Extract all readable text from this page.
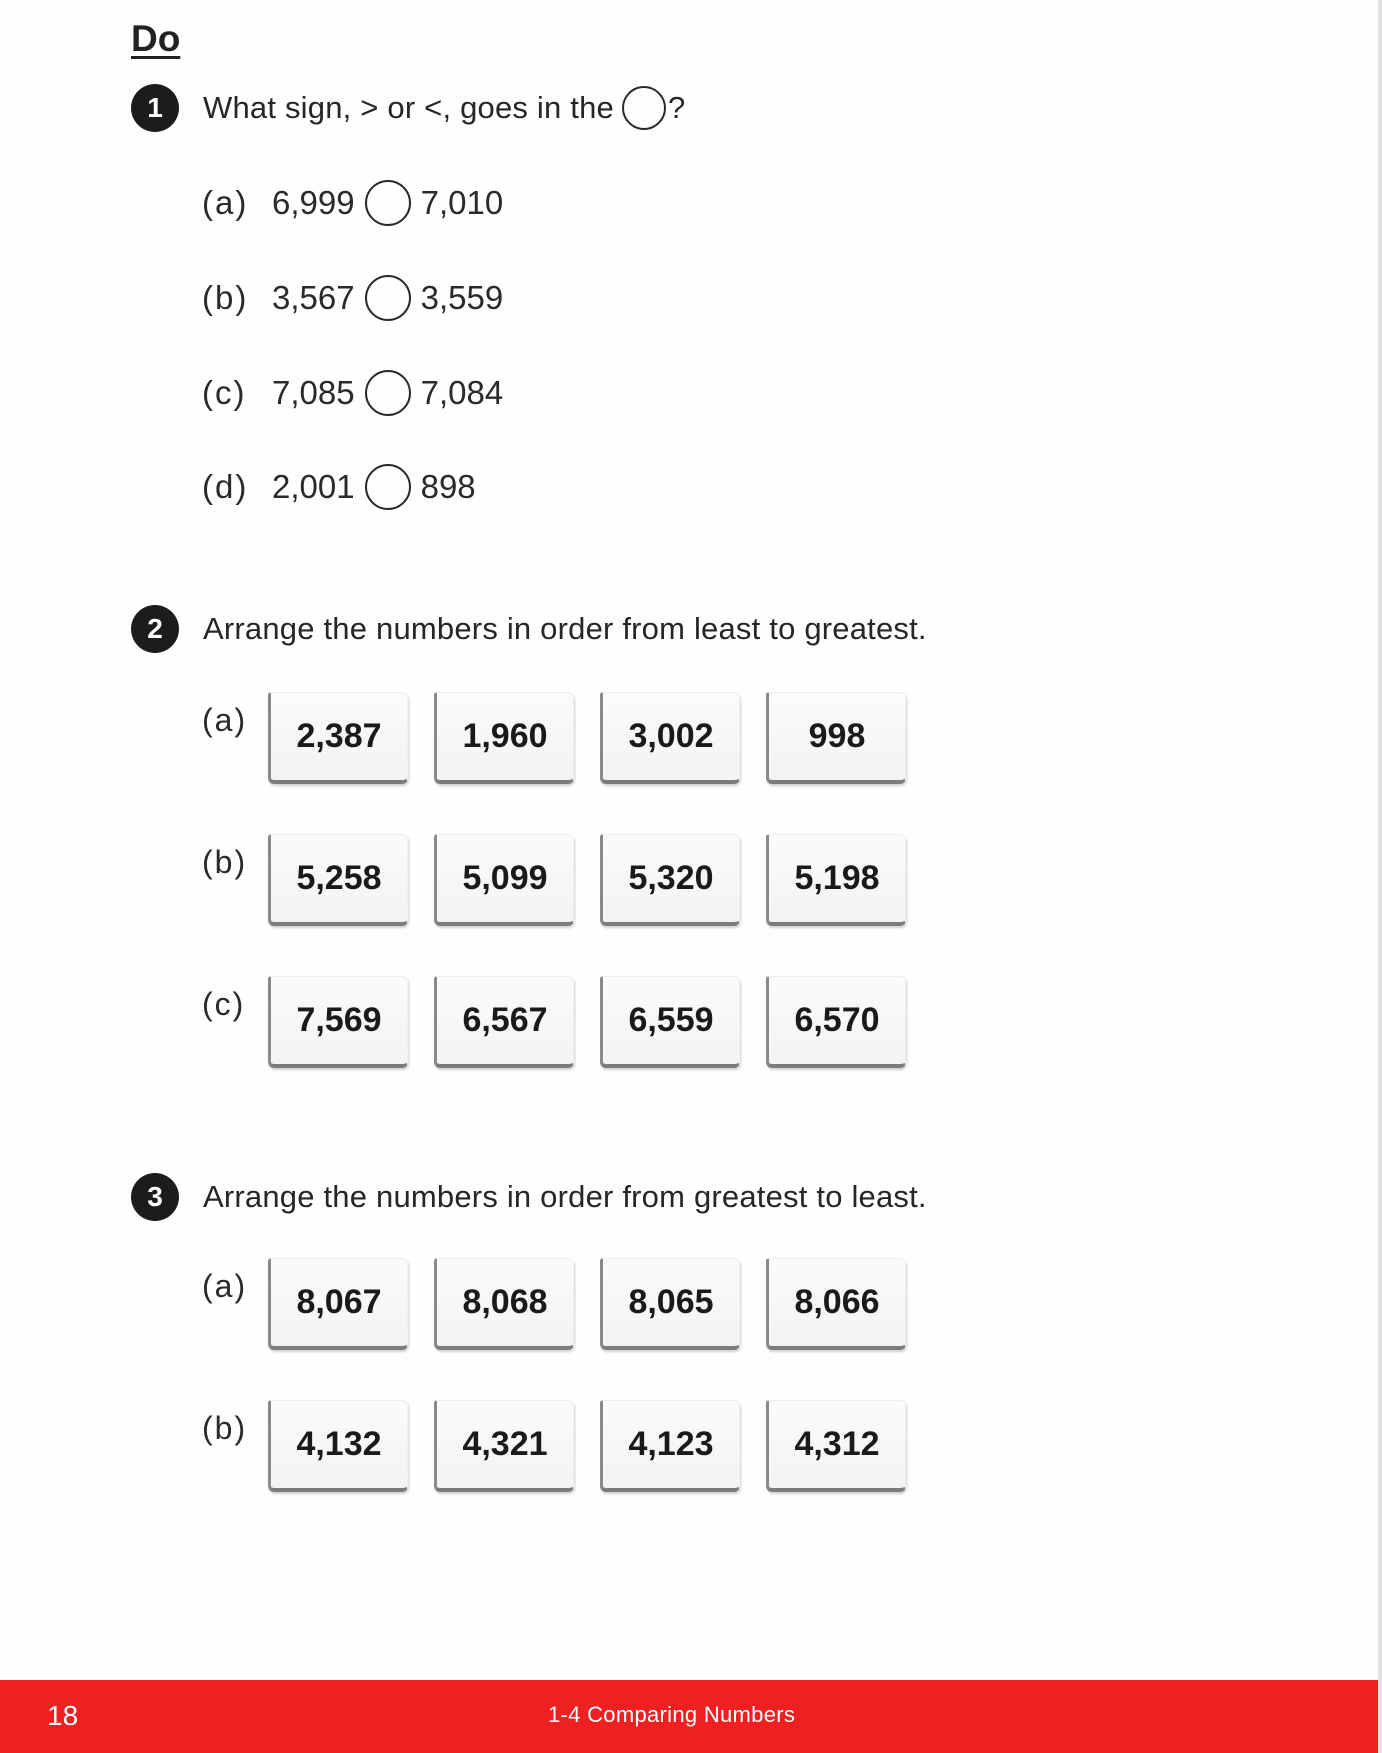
Do
1	What sign, > or <, goes in the ?
(a) 6,999 7,010
(b) 3,567 3,559
(c) 7,085 7,084
(d) 2,001 898
2	Arrange the numbers in order from least to greatest.
(a)	2,387	1,960	3,002	998
(b)	5,258	5,099	5,320	5,198
(c)	7,569	6,567	6,559	6,570
3	Arrange the numbers in order from greatest to least.
(a)	8,067	8,068	8,065	8,066
(b)	4,132	4,321	4,123	4,312
18	1-4 Comparing Numbers
